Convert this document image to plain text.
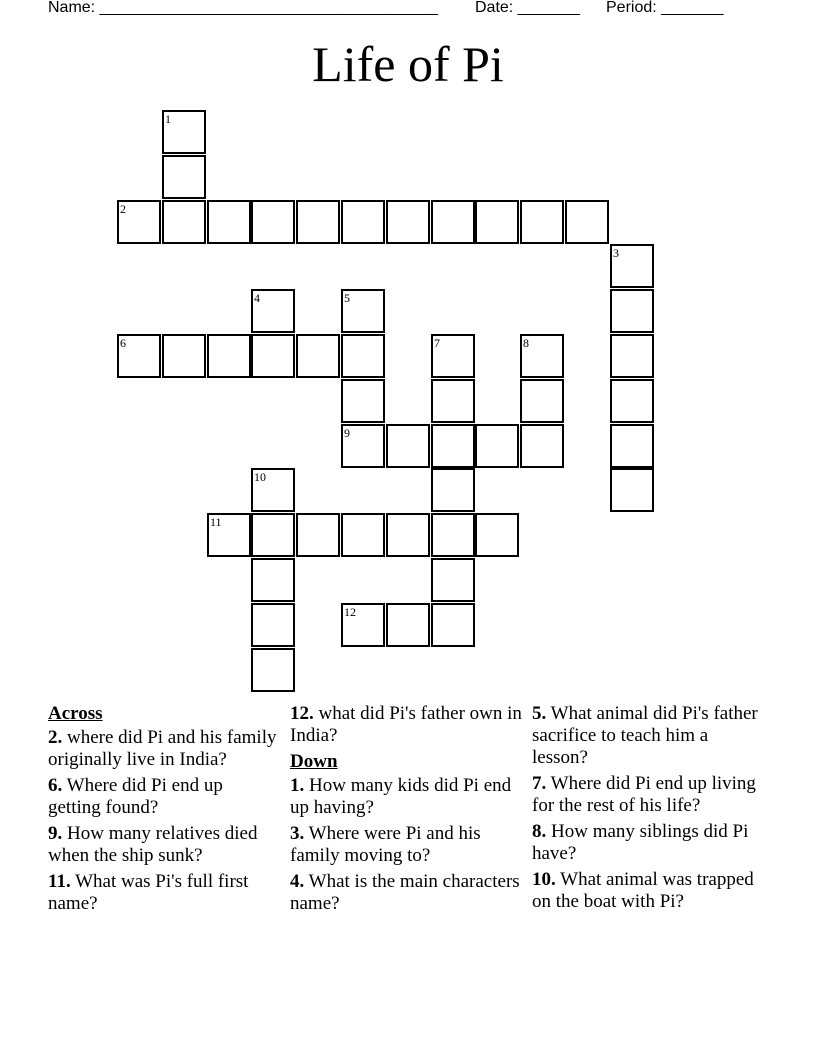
Name: ______________________________________ Date: _______ Period: _______
Life of Pi
1
2
3
4	5
6	7	8
9
10
11
12
Across
2. where did Pi and his family originally live in India?
6. Where did Pi end up getting found?
9. How many relatives died when the ship sunk?
11. What was Pi's full first name?
12. what did Pi's father own in India?
Down
1. How many kids did Pi end up having?
3. Where were Pi and his family moving to?
4. What is the main characters name?
5. What animal did Pi's father sacrifice to teach him a lesson?
7. Where did Pi end up living for the rest of his life?
8. How many siblings did Pi have?
10. What animal was trapped on the boat with Pi?
